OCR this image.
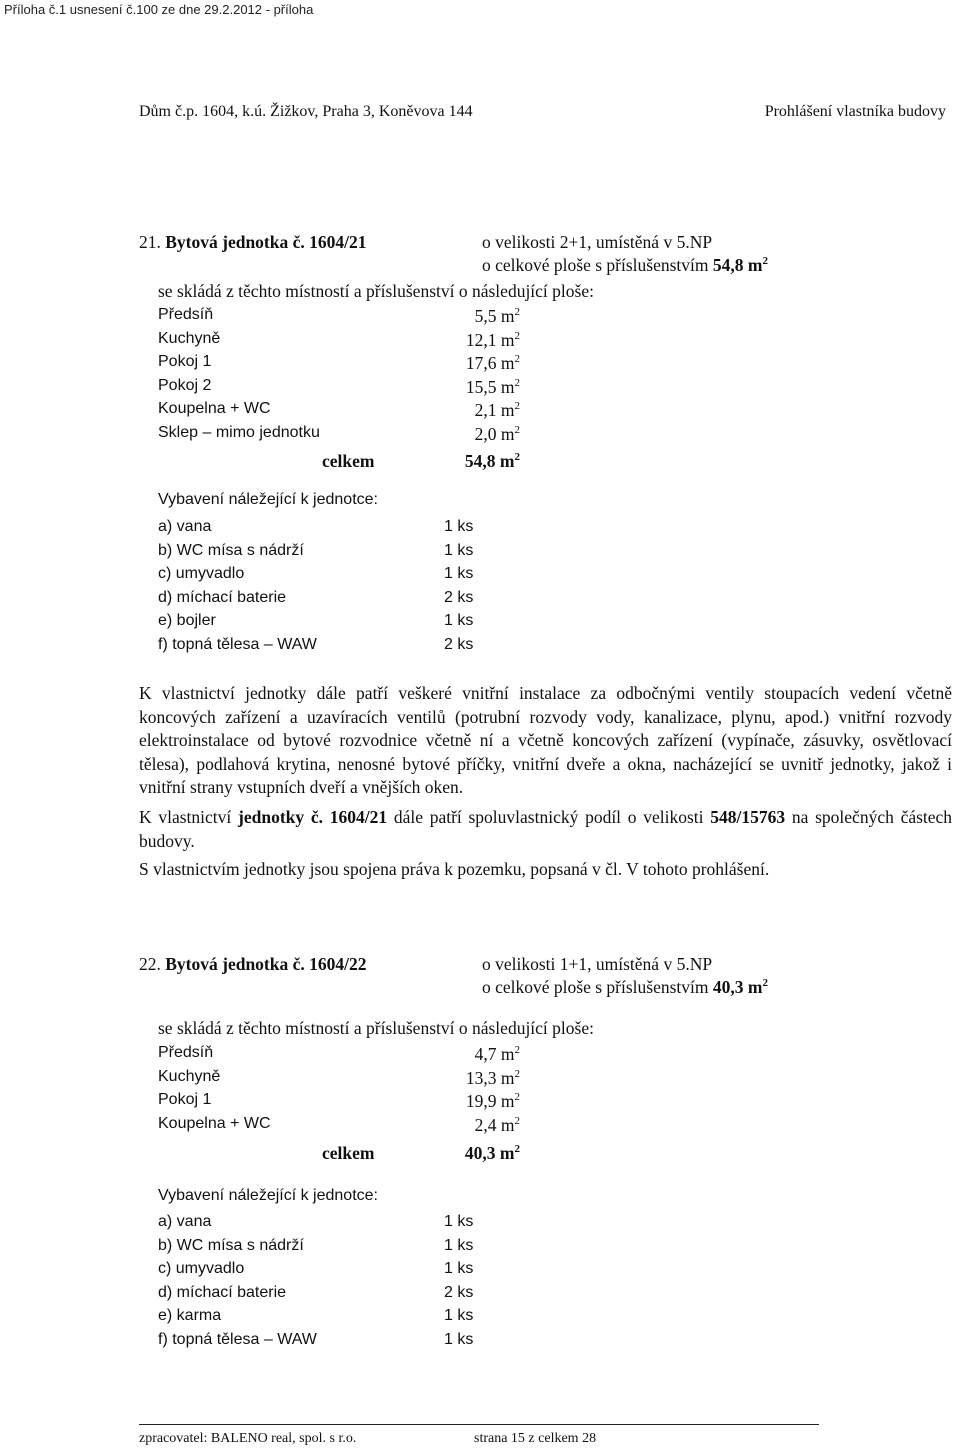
Příloha č.1 usnesení č.100 ze dne 29.2.2012 - příloha
Dům č.p. 1604, k.ú. Žižkov, Praha 3, Koněvova 144	Prohlášení vlastníka budovy
21. Bytová jednotka č. 1604/21	o velikosti 2+1, umístěná v 5.NP
o celkové ploše s příslušenstvím 54,8 $m^2$
se skládá z těchto místností a příslušenství o následující ploše:
Předsíň	5,5 $m^2$
Kuchyně	12,1 $m^2$
Pokoj 1	17,6 $m^2$
Pokoj 2	15,5 $m^2$
Koupelna + WC	2,1 $m^2$
Sklep – mimo jednotku	2,0 $m^2$
celkem	54,8 $m^2$
Vybavení náležející k jednotce:
a) vana	1 ks
b) WC mísa s nádrží	1 ks
c) umyvadlo	1 ks
d) míchací baterie	2 ks
e) bojler	1 ks
f) topná tělesa – WAW	2 ks
K vlastnictví jednotky dále patří veškeré vnitřní instalace za odbočnými ventily stoupacích vedení včetně koncových zařízení a uzavíracích ventilů (potrubní rozvody vody, kanalizace, plynu, apod.) vnitřní rozvody elektroinstalace od bytové rozvodnice včetně ní a včetně koncových zařízení (vypínače, zásuvky, osvětlovací tělesa), podlahová krytina, nenosné bytové příčky, vnitřní dveře a okna, nacházející se uvnitř jednotky, jakož i vnitřní strany vstupních dveří a vnějších oken.
K vlastnictví jednotky č. 1604/21 dále patří spoluvlastnický podíl o velikosti 548/15763 na společných částech budovy.
S vlastnictvím jednotky jsou spojena práva k pozemku, popsaná v čl. V tohoto prohlášení.
22. Bytová jednotka č. 1604/22	o velikosti 1+1, umístěná v 5.NP
o celkové ploše s příslušenstvím 40,3 $m^2$
se skládá z těchto místností a příslušenství o následující ploše:
Předsíň	4,7 $m^2$
Kuchyně	13,3 $m^2$
Pokoj 1	19,9 $m^2$
Koupelna + WC	2,4 $m^2$
celkem	40,3 $m^2$
Vybavení náležející k jednotce:
a) vana	1 ks
b) WC mísa s nádrží	1 ks
c) umyvadlo	1 ks
d) míchací baterie	2 ks
e) karma	1 ks
f) topná tělesa – WAW	1 ks
zpracovatel: BALENO real, spol. s r.o.	strana 15 z celkem 28
